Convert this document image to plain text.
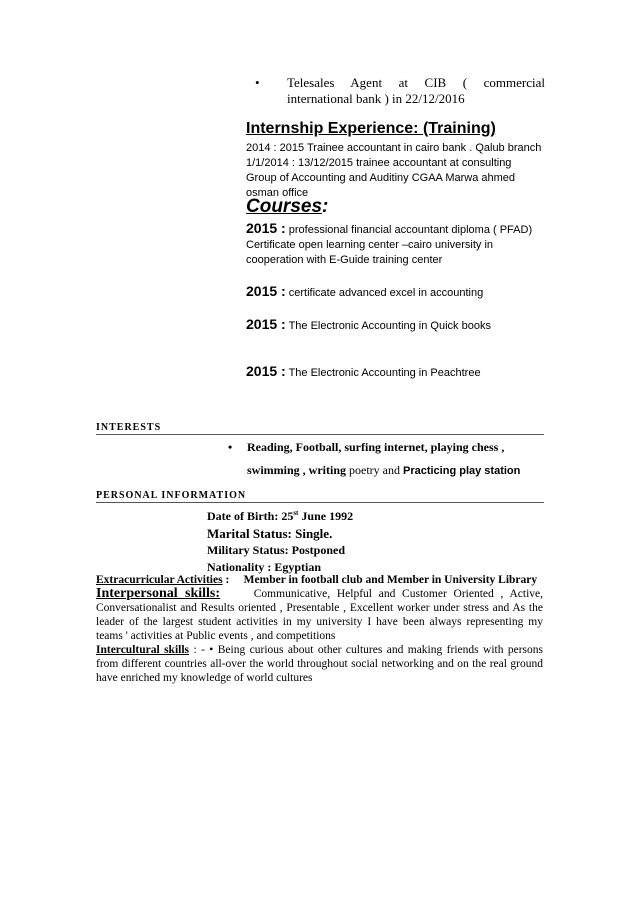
• Telesales Agent at CIB ( commercial international bank ) in 22/12/2016
Internship Experience: (Training)
2014 : 2015 Trainee accountant in cairo bank . Qalub branch
1/1/2014 : 13/12/2015 trainee accountant at consulting
Group of Accounting and Auditiny CGAA Marwa ahmed
osman office
Courses:
2015 : professional financial accountant diploma ( PFAD)
Certificate open learning center –cairo university in
cooperation with E-Guide training center
2015 : certificate advanced excel in accounting
2015 : The Electronic Accounting in Quick books
2015 : The Electronic Accounting in Peachtree
INTERESTS
• Reading, Football, surfing internet, playing chess ,
swimming , writing poetry and Practicing play station
PERSONAL INFORMATION
Date of Birth: 25st June 1992
Marital Status: Single.
Military Status: Postponed
Nationality : Egyptian

Extracurricular Activities : Member in football club and Member in University Library

Interpersonal skills:	Communicative, Helpful and Customer Oriented , Active, Conversationalist and Results oriented , Presentable , Excellent worker under stress and As the leader of the largest student activities in my university I have been always representing my teams ' activities at Public events , and competitions

Intercultural skills : - • Being curious about other cultures and making friends with persons from different countries all-over the world throughout social networking and on the real ground have enriched my knowledge of world cultures
